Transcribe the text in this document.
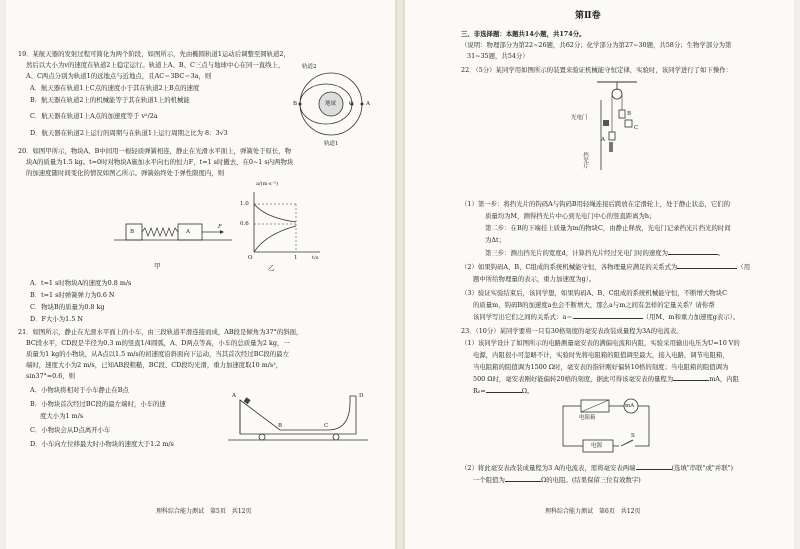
19．某航天器的发射过程可简化为两个阶段，如图所示，先由椭圆轨道1运动后调整至圆轨道2，
然后以大小为v的速度在轨道2上稳定运行。轨道上A、B、C三点与地球中心在同一直线上，
A、C两点分别为轨道1的远地点与近地点，且AC＝3BC＝3a，则
A．航天器在轨道1上C点的速度小于其在轨道2上B点的速度
B．航天器在轨道2上的机械能等于其在轨道1上的机械能
C．航天器在轨道1上A点的加速度等于 v²/2a
D．航天器在轨道2上运行的周期与在轨道1上运行周期之比为 8：3√3
地球
轨道2
轨道1
B	C A
20．如图甲所示，物块A、B中间用一根轻质弹簧相连，静止在光滑水平面上，弹簧处于原长，物
块A的质量为1.5 kg。t=0时对物块A施加水平向右的恒力F，t=1 s时撤去，在0~1 s内两物块
的加速度随时间变化的情况如图乙所示。弹簧始终处于弹性限度内，则
B	A
F
甲
a/(m·s⁻²)
1.0
0.6
1	t/s
O
乙
A．t=1 s时物块A的速度为0.8 m/s
B．t=1 s时弹簧弹力为0.6 N
C．物块B的质量为0.8 kg
D．F大小为1.5 N
21．如图所示，静止在光滑水平面上的小车，由三段轨道平滑连接而成，AB段是倾角为37°的斜面，
BC段水平，CD段是半径为0.3 m的竖直1/4圆弧，A、D两点等高，小车的总质量为2 kg，一
质量为1 kg的小物块，从A点以1.5 m/s的初速度沿斜面向下运动，当其首次经过BC段的最左
端时，速度大小为2 m/s，已知AB段粗糙，BC段、CD段均光滑，重力加速度取10 m/s²，
sin37°=0.6，则
A．小物块将相对于小车静止在B点
B．小物块首次经过BC段的最左端时，小车的速
度大小为1 m/s
C．小物块会从D点离开小车
D．小车向左位移最大时小物块的速度大于1.2 m/s
A
B	C
D
理科综合能力测试　第5页　共12页
第Ⅱ卷
三、非选择题：本题共14小题，共174分。
（说明：物理部分为第22~26题，共62分；化学部分为第27~30题，共58分；生物学部分为第
31~35题，共54分）
22．（5分）某同学用如图所示的装置来验证机械能守恒定律，实验时，该同学进行了如下操作：
光电门
挡光片
B
A
C
（1）第一步：将挡光片的钩码A与钩码B用轻绳连接后跨放在定滑轮上，处于静止状态，它们的
质量均为M，测得挡光片中心到光电门中心的竖直距离为h；
第二步：在B的下端挂上质量为m的物块C，由静止释放，光电门记录挡光片挡光的时间
为Δt；
第三步：测出挡光片的宽度d，计算挡光片经过光电门时的速度为	。
（2）如果钩码A、B、C组成的系统机械能守恒，各物理量应满足的关系式为	（用
题中所给物理量的表示，重力加速度为g）。
（3）验证实验结束后，该同学想，如果钩码A、B、C组成的系统机械能守恒，不断增大物块C
的质量m，钩码B的加速度a也会不断增大，那么a与m之间有怎样的定量关系？请你帮
该同学写出它们之间的关系式：a＝	（用M、m和重力加速度g表示）。
23．（10分）某同学要将一只有30格刻度的毫安表改装成量程为3A的电流表。
（1）该同学设计了如图所示的电路测量毫安表的满偏电流和内阻，实验采用输出电压为U=10 V的
电源，内阻很小可忽略不计，实验时先将电阻箱的阻值调至最大，接入电路，调节电阻箱，
当电阻箱的阻值调为1500 Ω时，毫安表的指针刚好偏转10格的刻度；当电阻箱的阻值调为
500 Ω时，毫安表刚好能偏转20格的刻度，据此可得该毫安表的量程为	mA，内阻
R₀=	Ω。
电阻箱
mA
电源
S
（2）将此毫安表改装成量程为3 A的电流表，需将毫安表两端	(选填"串联"或"并联")
一个阻值为	Ω的电阻。(结果保留三位有效数字)
理科综合能力测试　第6页　共12页
